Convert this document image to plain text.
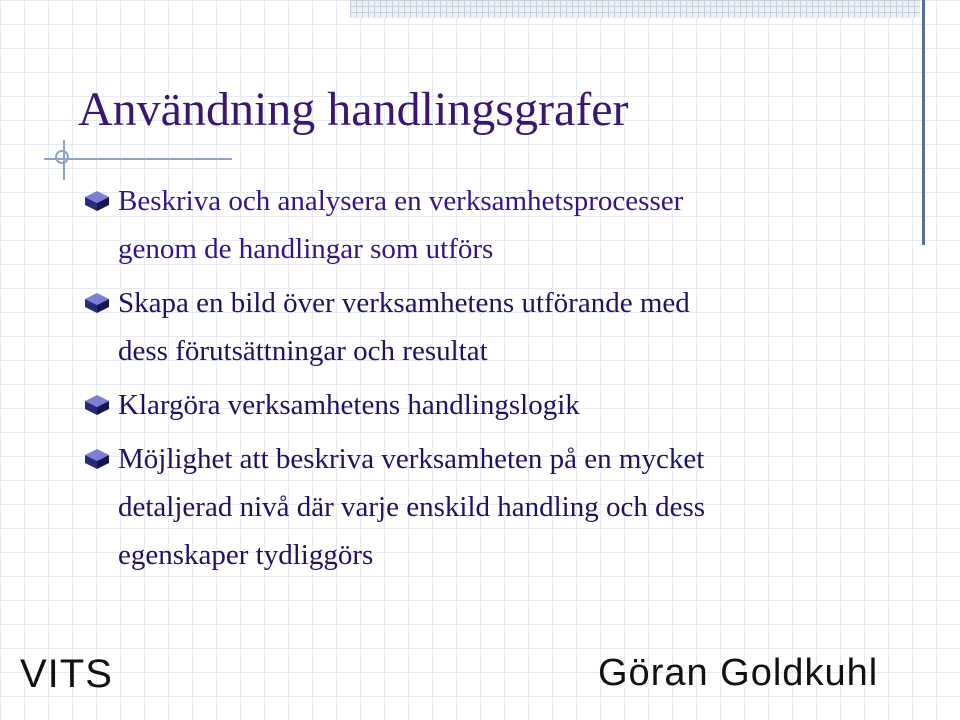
Användning handlingsgrafer
Beskriva och analysera en verksamhetsprocesser
genom de handlingar som utförs
Skapa en bild över verksamhetens utförande med
dess förutsättningar och resultat
Klargöra verksamhetens handlingslogik
Möjlighet att beskriva verksamheten på en mycket
detaljerad nivå där varje enskild handling och dess
egenskaper tydliggörs
VITS	Göran Goldkuhl
